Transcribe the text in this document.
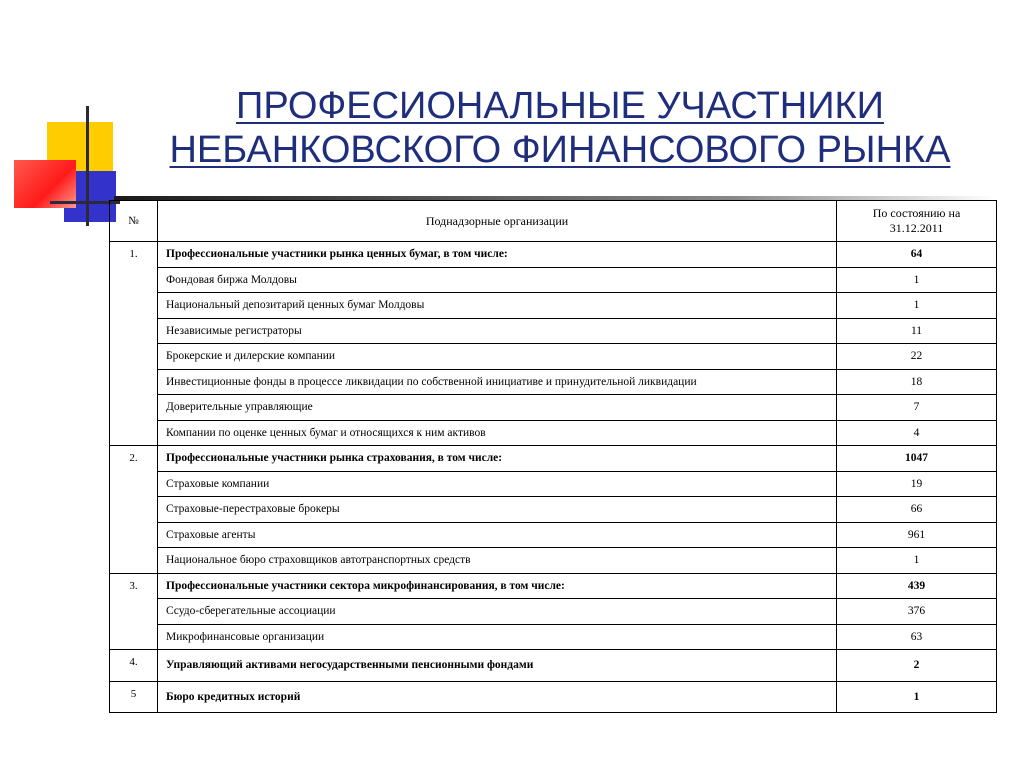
ПРОФЕСИОНАЛЬНЫЕ УЧАСТНИКИ
НЕБАНКОВСКОГО ФИНАНСОВОГО РЫНКА
№	Поднадзорные организации	По состоянию на
31.12.2011

1.	Профессиональные участники рынка ценных бумаг, в том числе:	64
	Фондовая биржа Молдовы	1
	Национальный депозитарий ценных бумаг Молдовы	1
	Независимые регистраторы	11
	Брокерские и дилерские компании	22
	Инвестиционные фонды в процессе ликвидации по собственной инициативе и принудительной ликвидации	18
	Доверительные управляющие	7
	Компании по оценке ценных бумаг и относящихся к ним активов	4
2.	Профессиональные участники рынка страхования, в том числе:	1047
	Страховые компании	19
	Страховые-перестраховые брокеры	66
	Страховые агенты	961
	Национальное бюро страховщиков автотранспортных средств	1
3.	Профессиональные участники сектора микрофинансирования, в том числе:	439
	Ссудо-сберегательные ассоциации	376
	Микрофинансовые организации	63
4.	Управляющий активами негосударственными пенсионными фондами	2
5	Бюро кредитных историй	1
